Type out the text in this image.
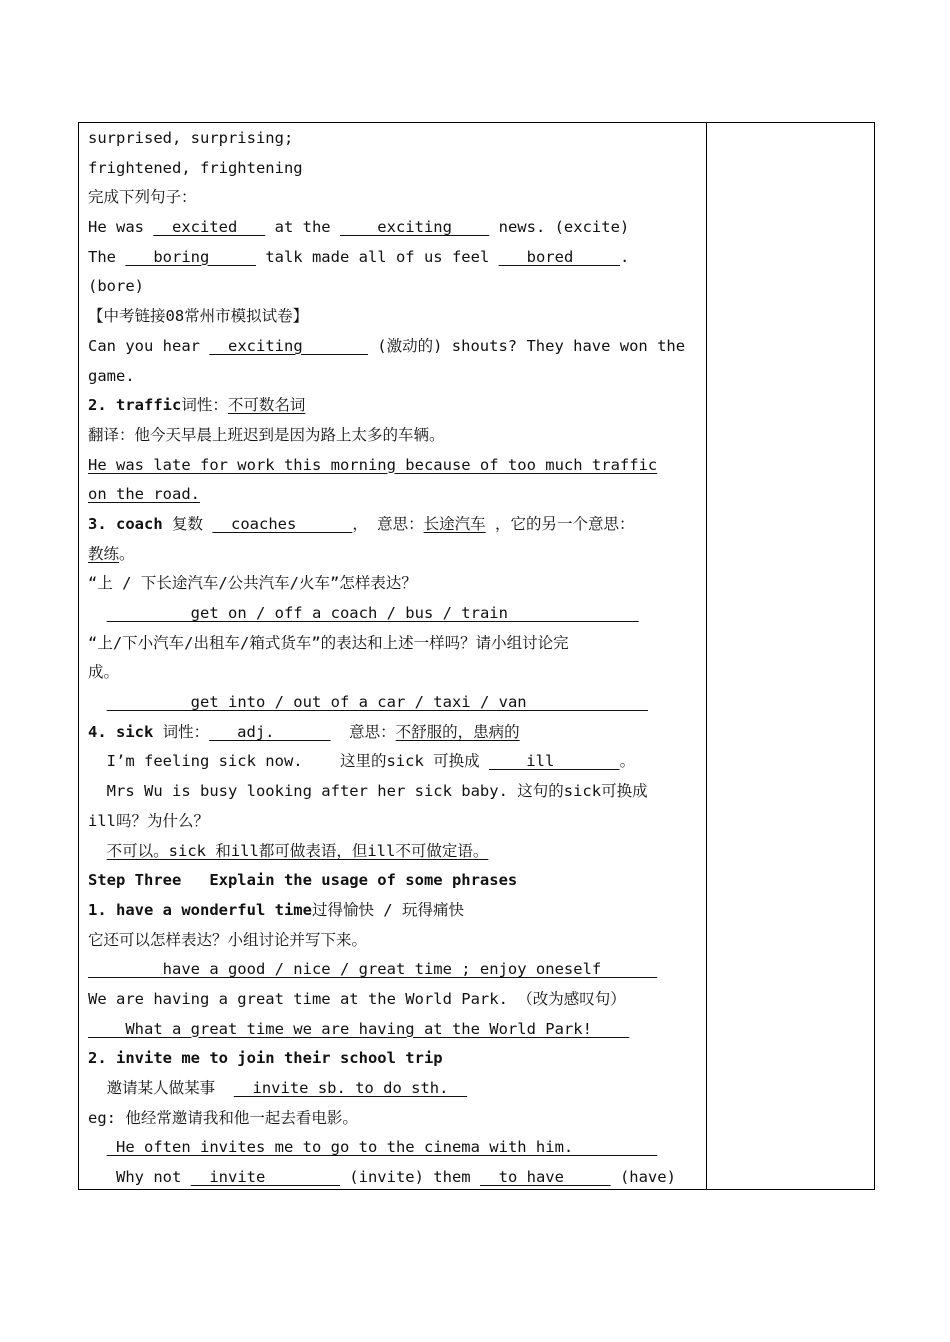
surprised, surprising;
frightened, frightening
完成下列句子：
He was   excited    at the     exciting     news. (excite)
The    boring      talk made all of us feel    bored     .
(bore)
【中考链接08常州市模拟试卷】
Can you hear   exciting        (激动的) shouts? They have won the
game.
2. traffic词性：不可数名词
翻译：他今天早晨上班迟到是因为路上太多的车辆。
He was late for work this morning because of too much traffic
on the road.
3. coach 复数   coaches      ， 意思：长途汽车 ，它的另一个意思：
教练。
“上 / 下长途汽车/公共汽车/火车”怎样表达？
get on / off a coach / bus / train
“上/下小汽车/出租车/箱式货车”的表达和上述一样吗？请小组讨论完
成。
get into / out of a car / taxi / van
4. sick 词性：   adj.        意思：不舒服的，患病的
I’m feeling sick now.    这里的sick 可换成     ill       。
Mrs Wu is busy looking after her sick baby. 这句的sick可换成
ill吗？为什么？
不可以。sick 和ill都可做表语，但ill不可做定语。
Step Three   Explain the usage of some phrases
1. have a wonderful time过得愉快 / 玩得痛快
它还可以怎样表达？小组讨论并写下来。
have a good / nice / great time ; enjoy oneself
We are having a great time at the World Park. （改为感叹句）
What a great time we are having at the World Park!
2. invite me to join their school trip
邀请某人做某事    invite sb. to do sth.
eg: 他经常邀请我和他一起去看电影。
He often invites me to go to the cinema with him.
Why not   invite         (invite) them   to have      (have)
